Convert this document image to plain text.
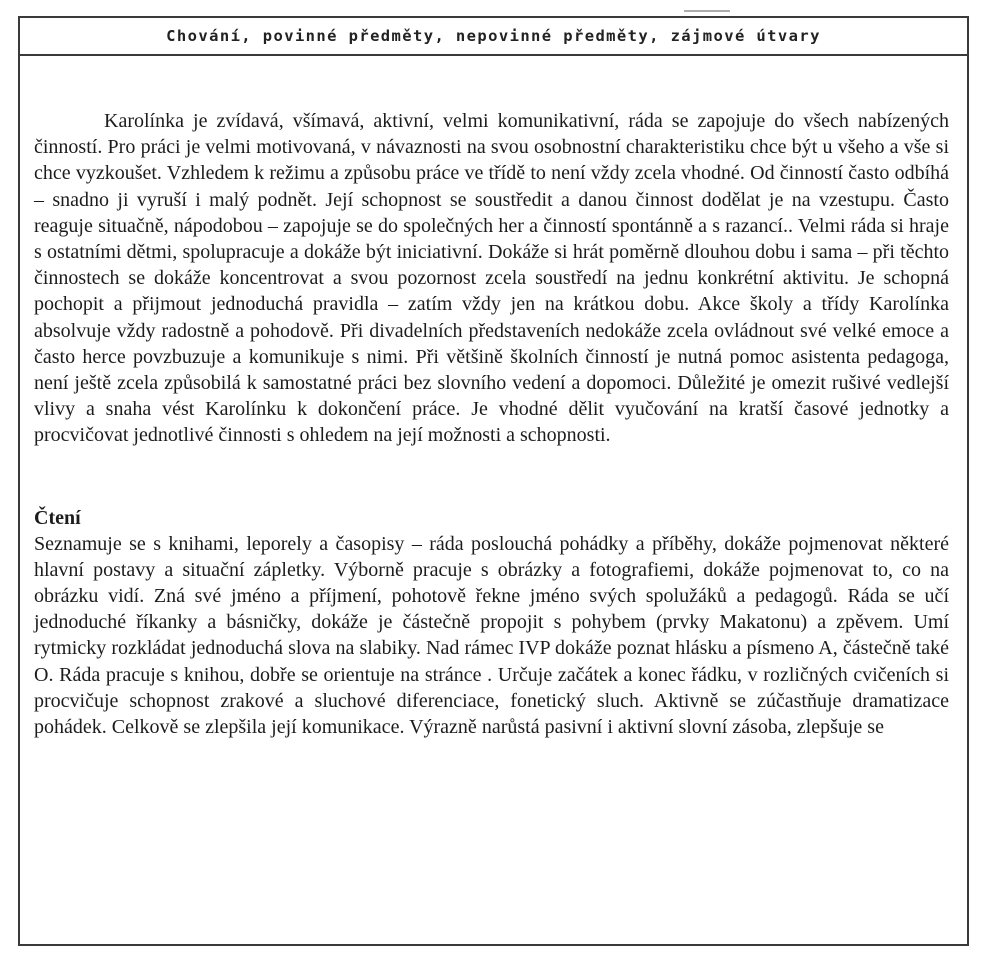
Chování, povinné předměty, nepovinné předměty, zájmové útvary

Karolínka je zvídavá, všímavá, aktivní, velmi komunikativní, ráda se zapojuje do všech nabízených činností. Pro práci je velmi motivovaná, v návaznosti na svou osobnostní charakteristiku chce být u všeho a vše si chce vyzkoušet. Vzhledem k režimu a způsobu práce ve třídě to není vždy zcela vhodné. Od činností často odbíhá – snadno ji vyruší i malý podnět. Její schopnost se soustředit a danou činnost dodělat je na vzestupu. Často reaguje situačně, nápodobou – zapojuje se do společných her a činností spontánně a s razancí.. Velmi ráda si hraje s ostatními dětmi, spolupracuje a dokáže být iniciativní. Dokáže si hrát poměrně dlouhou dobu i sama – při těchto činnostech se dokáže koncentrovat a svou pozornost zcela soustředí na jednu konkrétní aktivitu. Je schopná pochopit a přijmout jednoduchá pravidla – zatím vždy jen na krátkou dobu. Akce školy a třídy Karolínka absolvuje vždy radostně a pohodově. Při divadelních představeních nedokáže zcela ovládnout své velké emoce a často herce povzbuzuje a komunikuje s nimi. Při většině školních činností je nutná pomoc asistenta pedagoga, není ještě zcela způsobilá k samostatné práci bez slovního vedení a dopomoci. Důležité je omezit rušivé vedlejší vlivy a snaha vést Karolínku k dokončení práce. Je vhodné dělit vyučování na kratší časové jednotky a procvičovat jednotlivé činnosti s ohledem na její možnosti a schopnosti.

Čtení

Seznamuje se s knihami, leporely a časopisy – ráda poslouchá pohádky a příběhy, dokáže pojmenovat některé hlavní postavy a situační zápletky. Výborně pracuje s obrázky a fotografiemi, dokáže pojmenovat to, co na obrázku vidí. Zná své jméno a příjmení, pohotově řekne jméno svých spolužáků a pedagogů. Ráda se učí jednoduché říkanky a básničky, dokáže je částečně propojit s pohybem (prvky Makatonu) a zpěvem. Umí rytmicky rozkládat jednoduchá slova na slabiky. Nad rámec IVP dokáže poznat hlásku a písmeno A, částečně také O. Ráda pracuje s knihou, dobře se orientuje na stránce . Určuje začátek a konec řádku, v rozličných cvičeních si procvičuje schopnost zrakové a sluchové diferenciace, fonetický sluch. Aktivně se zúčastňuje dramatizace pohádek. Celkově se zlepšila její komunikace. Výrazně narůstá pasivní i aktivní slovní zásoba, zlepšuje se
